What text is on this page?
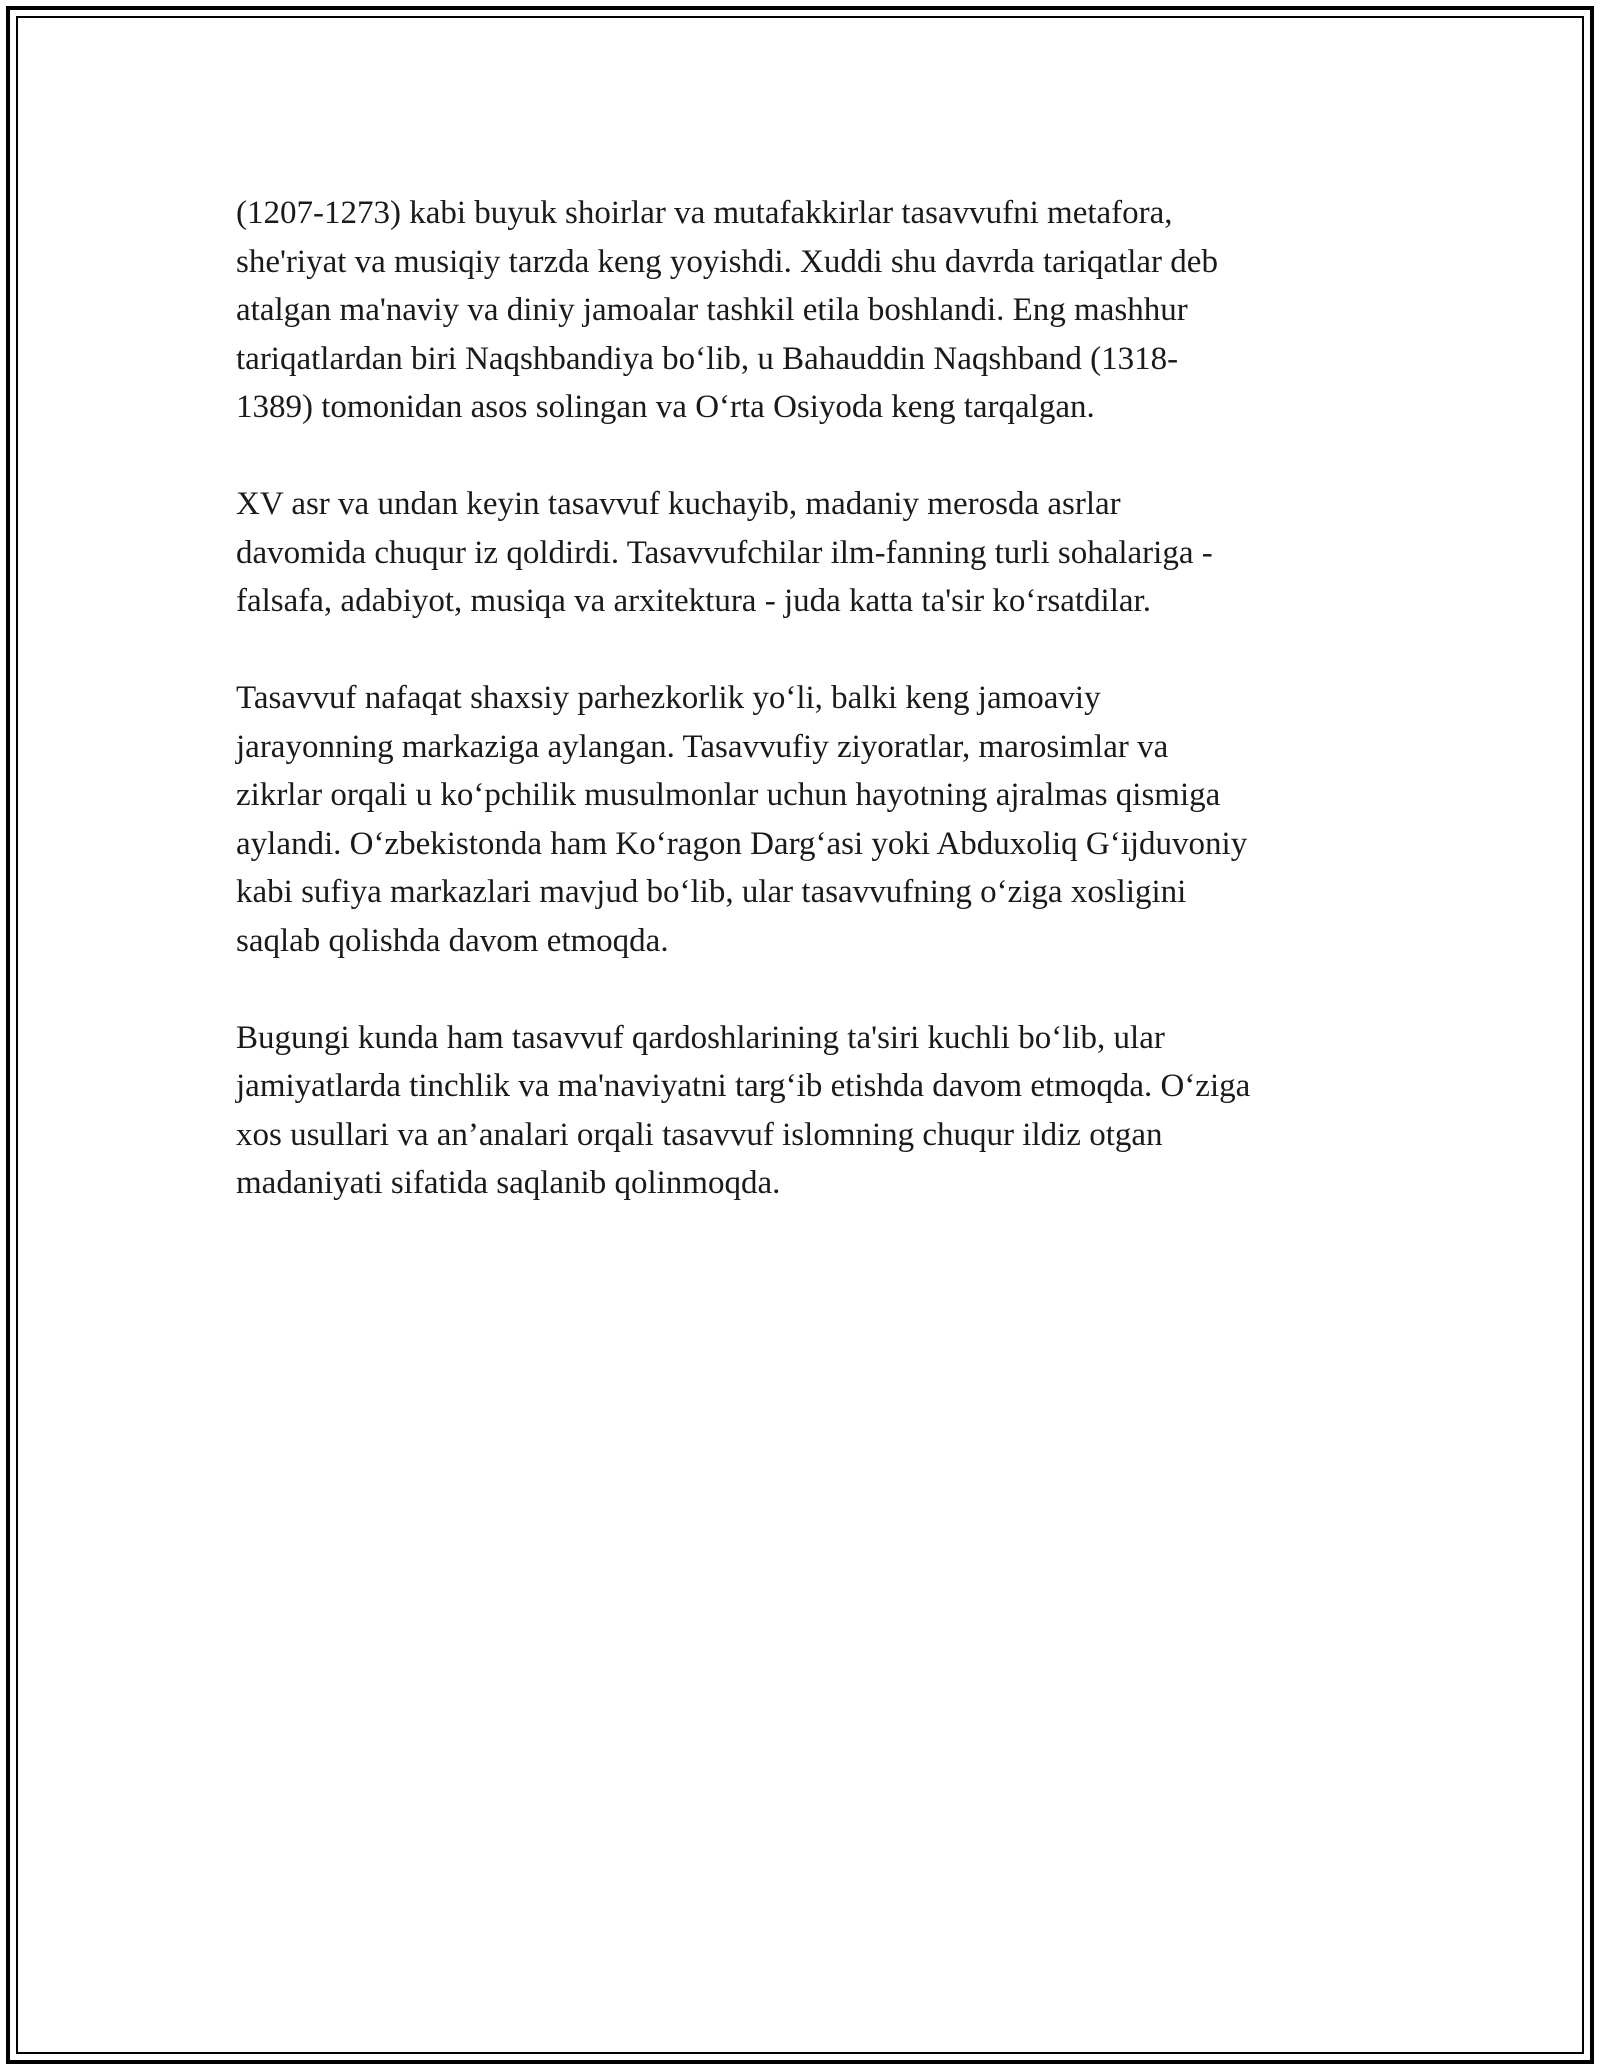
(1207-1273) kabi buyuk shoirlar va mutafakkirlar tasavvufni metafora,
she'riyat va musiqiy tarzda keng yoyishdi. Xuddi shu davrda tariqatlar deb
atalgan ma'naviy va diniy jamoalar tashkil etila boshlandi. Eng mashhur
tariqatlardan biri Naqshbandiya bo‘lib, u Bahauddin Naqshband (1318-
1389) tomonidan asos solingan va O‘rta Osiyoda keng tarqalgan.

XV asr va undan keyin tasavvuf kuchayib, madaniy merosda asrlar
davomida chuqur iz qoldirdi. Tasavvufchilar ilm-fanning turli sohalariga -
falsafa, adabiyot, musiqa va arxitektura - juda katta ta'sir ko‘rsatdilar.

Tasavvuf nafaqat shaxsiy parhezkorlik yo‘li, balki keng jamoaviy
jarayonning markaziga aylangan. Tasavvufiy ziyoratlar, marosimlar va
zikrlar orqali u ko‘pchilik musulmonlar uchun hayotning ajralmas qismiga
aylandi. O‘zbekistonda ham Ko‘ragon Darg‘asi yoki Abduxoliq G‘ijduvoniy
kabi sufiya markazlari mavjud bo‘lib, ular tasavvufning o‘ziga xosligini
saqlab qolishda davom etmoqda.

Bugungi kunda ham tasavvuf qardoshlarining ta'siri kuchli bo‘lib, ular
jamiyatlarda tinchlik va ma'naviyatni targ‘ib etishda davom etmoqda. O‘ziga
xos usullari va an’analari orqali tasavvuf islomning chuqur ildiz otgan
madaniyati sifatida saqlanib qolinmoqda.
